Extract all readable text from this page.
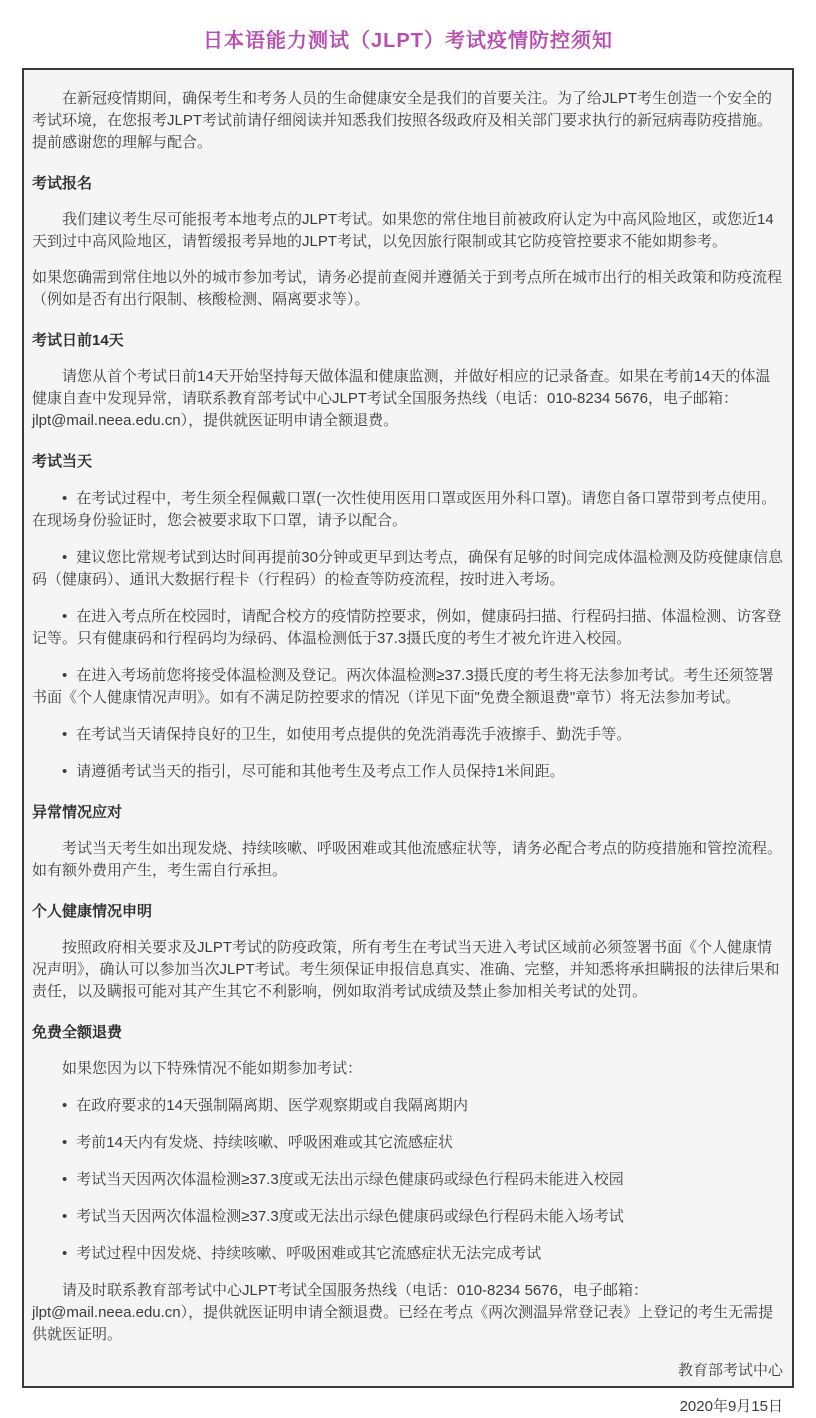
日本语能力测试（JLPT）考试疫情防控须知

在新冠疫情期间，确保考生和考务人员的生命健康安全是我们的首要关注。为了给JLPT考生创造一个安全的考试环境，在您报考JLPT考试前请仔细阅读并知悉我们按照各级政府及相关部门要求执行的新冠病毒防疫措施。提前感谢您的理解与配合。

考试报名

我们建议考生尽可能报考本地考点的JLPT考试。如果您的常住地目前被政府认定为中高风险地区，或您近14天到过中高风险地区，请暂缓报考异地的JLPT考试，以免因旅行限制或其它防疫管控要求不能如期参考。

如果您确需到常住地以外的城市参加考试，请务必提前查阅并遵循关于到考点所在城市出行的相关政策和防疫流程（例如是否有出行限制、核酸检测、隔离要求等）。

考试日前14天

请您从首个考试日前14天开始坚持每天做体温和健康监测，并做好相应的记录备查。如果在考前14天的体温健康自查中发现异常，请联系教育部考试中心JLPT考试全国服务热线（电话：010-8234 5676，电子邮箱：jlpt@mail.neea.edu.cn），提供就医证明申请全额退费。

考试当天

• 在考试过程中，考生须全程佩戴口罩(一次性使用医用口罩或医用外科口罩)。请您自备口罩带到考点使用。在现场身份验证时，您会被要求取下口罩，请予以配合。

• 建议您比常规考试到达时间再提前30分钟或更早到达考点，确保有足够的时间完成体温检测及防疫健康信息码（健康码）、通讯大数据行程卡（行程码）的检查等防疫流程，按时进入考场。

• 在进入考点所在校园时，请配合校方的疫情防控要求，例如，健康码扫描、行程码扫描、体温检测、访客登记等。只有健康码和行程码均为绿码、体温检测低于37.3摄氏度的考生才被允许进入校园。

• 在进入考场前您将接受体温检测及登记。两次体温检测≥37.3摄氏度的考生将无法参加考试。考生还须签署书面《个人健康情况声明》。如有不满足防控要求的情况（详见下面"免费全额退费"章节）将无法参加考试。

• 在考试当天请保持良好的卫生，如使用考点提供的免洗消毒洗手液擦手、勤洗手等。

• 请遵循考试当天的指引，尽可能和其他考生及考点工作人员保持1米间距。

异常情况应对

考试当天考生如出现发烧、持续咳嗽、呼吸困难或其他流感症状等，请务必配合考点的防疫措施和管控流程。如有额外费用产生，考生需自行承担。

个人健康情况申明

按照政府相关要求及JLPT考试的防疫政策，所有考生在考试当天进入考试区域前必须签署书面《个人健康情况声明》，确认可以参加当次JLPT考试。考生须保证申报信息真实、准确、完整，并知悉将承担瞒报的法律后果和责任，以及瞒报可能对其产生其它不利影响，例如取消考试成绩及禁止参加相关考试的处罚。

免费全额退费

如果您因为以下特殊情况不能如期参加考试：

• 在政府要求的14天强制隔离期、医学观察期或自我隔离期内

• 考前14天内有发烧、持续咳嗽、呼吸困难或其它流感症状

• 考试当天因两次体温检测≥37.3度或无法出示绿色健康码或绿色行程码未能进入校园

• 考试当天因两次体温检测≥37.3度或无法出示绿色健康码或绿色行程码未能入场考试

• 考试过程中因发烧、持续咳嗽、呼吸困难或其它流感症状无法完成考试

请及时联系教育部考试中心JLPT考试全国服务热线（电话：010-8234 5676，电子邮箱：jlpt@mail.neea.edu.cn），提供就医证明申请全额退费。已经在考点《两次测温异常登记表》上登记的考生无需提供就医证明。

教育部考试中心

2020年9月15日
